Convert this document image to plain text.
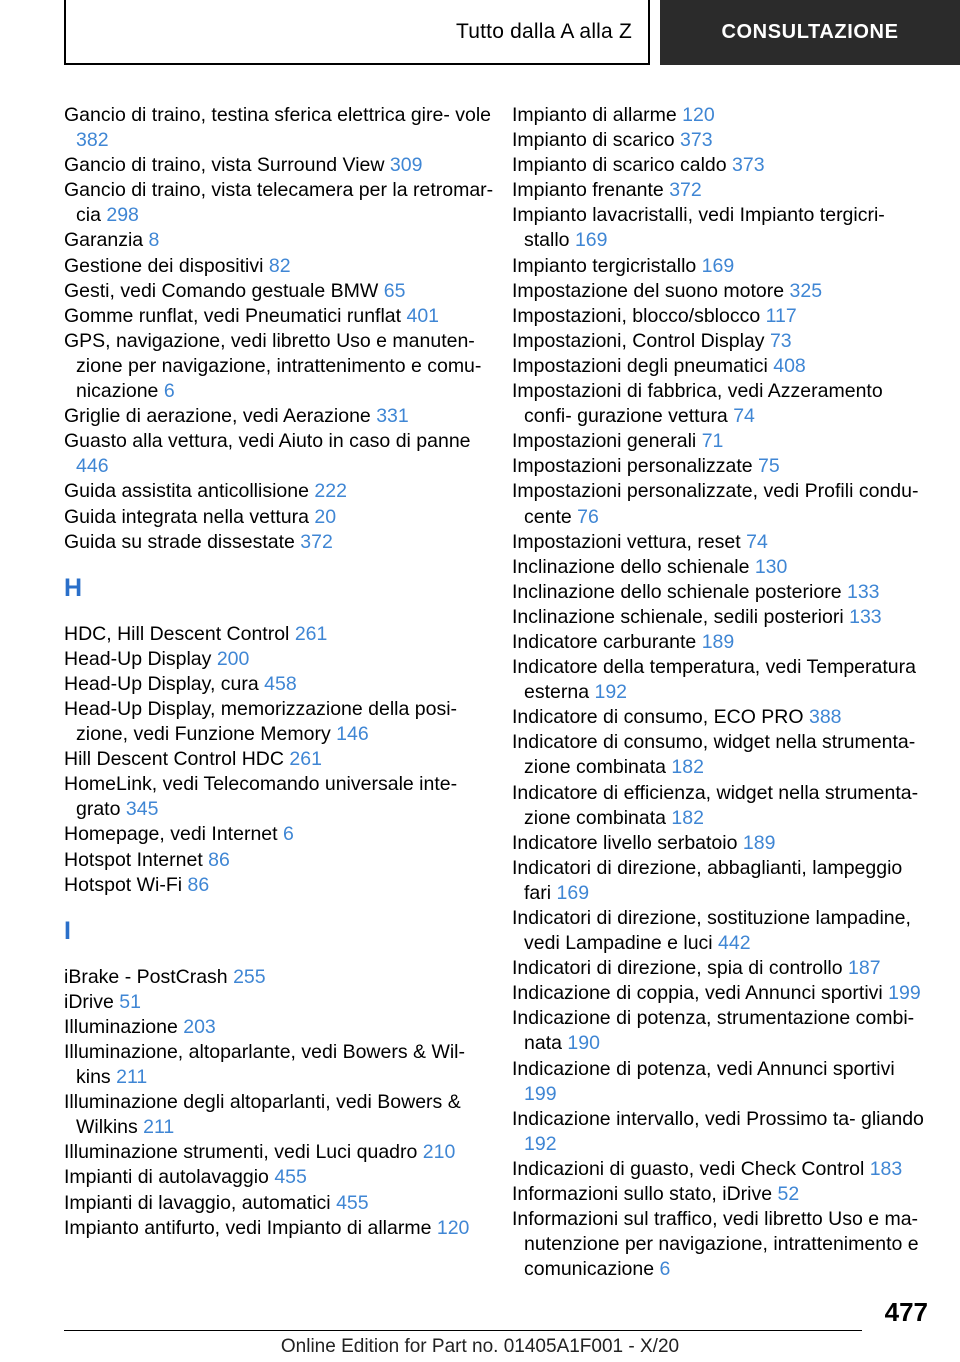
Tutto dalla A alla Z	CONSULTAZIONE

Gancio di traino, testina sferica elettrica gire- vole 382

Gancio di traino, vista Surround View 309

Gancio di traino, vista telecamera per la retromar- cia 298

Garanzia 8

Gestione dei dispositivi 82

Gesti, vedi Comando gestuale BMW 65

Gomme runflat, vedi Pneumatici runflat 401

GPS, navigazione, vedi libretto Uso e manuten- zione per navigazione, intrattenimento e comu- nicazione 6

Griglie di aerazione, vedi Aerazione 331

Guasto alla vettura, vedi Aiuto in caso di panne 446

Guida assistita anticollisione 222

Guida integrata nella vettura 20

Guida su strade dissestate 372

H

HDC, Hill Descent Control 261

Head-Up Display 200

Head-Up Display, cura 458

Head-Up Display, memorizzazione della posi- zione, vedi Funzione Memory 146

Hill Descent Control HDC 261

HomeLink, vedi Telecomando universale inte- grato 345

Homepage, vedi Internet 6

Hotspot Internet 86

Hotspot Wi-Fi 86

I

iBrake - PostCrash 255

iDrive 51

Illuminazione 203

Illuminazione, altoparlante, vedi Bowers & Wil- kins 211

Illuminazione degli altoparlanti, vedi Bowers & Wilkins 211

Illuminazione strumenti, vedi Luci quadro 210

Impianti di autolavaggio 455

Impianti di lavaggio, automatici 455

Impianto antifurto, vedi Impianto di allarme 120

Impianto di allarme 120

Impianto di scarico 373

Impianto di scarico caldo 373

Impianto frenante 372

Impianto lavacristalli, vedi Impianto tergicri- stallo 169

Impianto tergicristallo 169

Impostazione del suono motore 325

Impostazioni, blocco/sblocco 117

Impostazioni, Control Display 73

Impostazioni degli pneumatici 408

Impostazioni di fabbrica, vedi Azzeramento confi- gurazione vettura 74

Impostazioni generali 71

Impostazioni personalizzate 75

Impostazioni personalizzate, vedi Profili condu- cente 76

Impostazioni vettura, reset 74

Inclinazione dello schienale 130

Inclinazione dello schienale posteriore 133

Inclinazione schienale, sedili posteriori 133

Indicatore carburante 189

Indicatore della temperatura, vedi Temperatura esterna 192

Indicatore di consumo, ECO PRO 388

Indicatore di consumo, widget nella strumenta- zione combinata 182

Indicatore di efficienza, widget nella strumenta- zione combinata 182

Indicatore livello serbatoio 189

Indicatori di direzione, abbaglianti, lampeggio fari 169

Indicatori di direzione, sostituzione lampadine, vedi Lampadine e luci 442

Indicatori di direzione, spia di controllo 187

Indicazione di coppia, vedi Annunci sportivi 199

Indicazione di potenza, strumentazione combi- nata 190

Indicazione di potenza, vedi Annunci sportivi 199

Indicazione intervallo, vedi Prossimo ta- gliando 192

Indicazioni di guasto, vedi Check Control 183

Informazioni sullo stato, iDrive 52

Informazioni sul traffico, vedi libretto Uso e ma- nutenzione per navigazione, intrattenimento e comunicazione 6

477
Online Edition for Part no. 01405A1F001 - X/20
